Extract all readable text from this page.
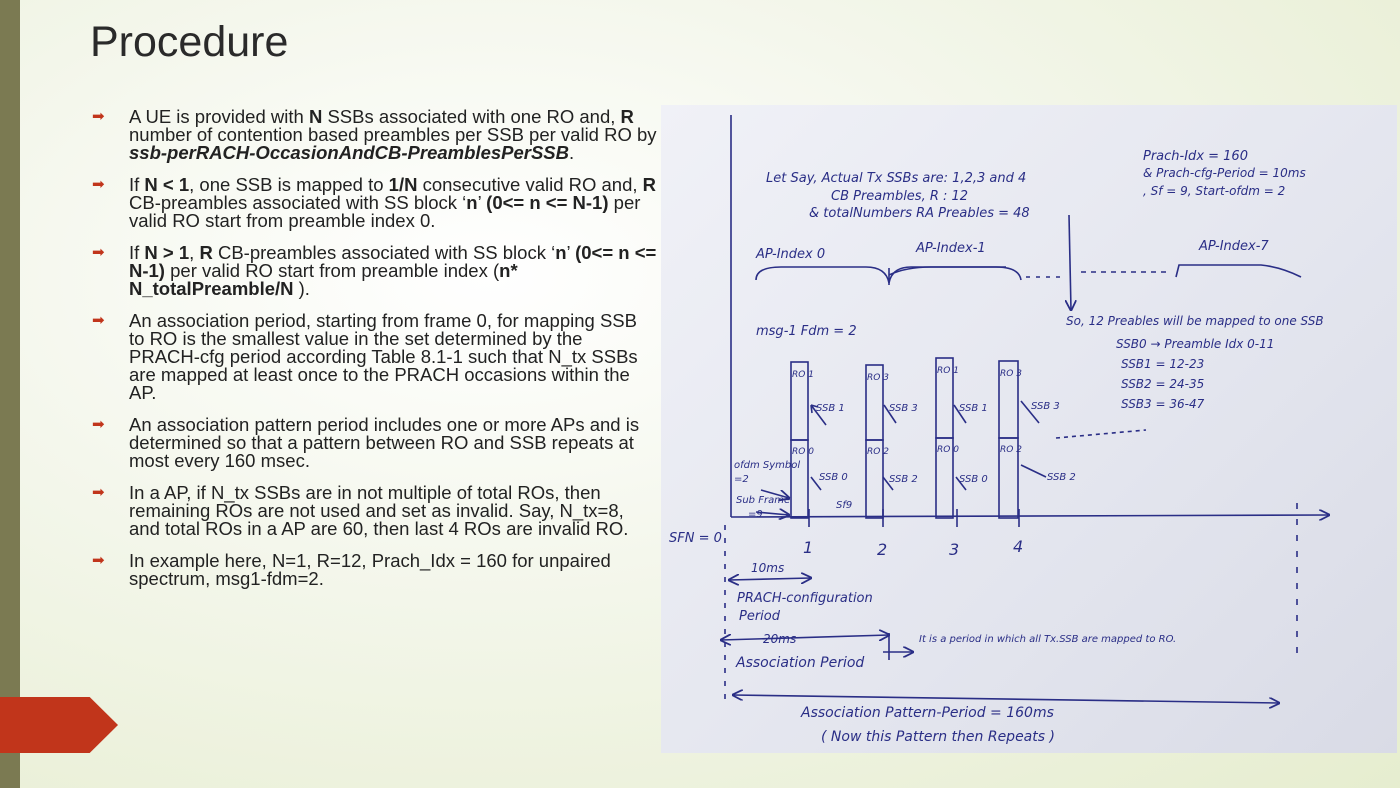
Procedure
➡ A UE is provided with N SSBs associated with one RO and, R number of contention based preambles per SSB per valid RO by ssb-perRACH-OccasionAndCB-PreamblesPerSSB.
➡ If N < 1, one SSB is mapped to 1/N consecutive valid RO and, R CB-preambles associated with SS block ‘n’ (0<= n <= N-1) per valid RO start from preamble index 0.
➡ If N > 1, R CB-preambles associated with SS block ‘n’ (0<= n <= N-1) per valid RO start from preamble index (n* N_totalPreamble/N ).
➡ An association period, starting from frame 0, for mapping SSB to RO is the smallest value in the set determined by the PRACH-cfg period according Table 8.1-1 such that N_tx SSBs are mapped at least once to the PRACH occasions within the AP.
➡ An association pattern period includes one or more APs and is determined so that a pattern between RO and SSB repeats at most every 160 msec.
➡ In a AP, if N_tx SSBs are in not multiple of total ROs, then remaining ROs are not used and set as invalid. Say, N_tx=8, and total ROs in a AP are 60, then last 4 ROs are invalid RO.
➡ In example here, N=1, R=12, Prach_Idx = 160 for unpaired spectrum, msg1-fdm=2.
Let Say, Actual Tx SSBs are: 1,2,3 and 4
CB Preambles, R : 12
& totalNumbers RA Preables = 48
Prach-Idx = 160
& Prach-cfg-Period = 10ms
, Sf = 9, Start-ofdm = 2
AP-Index 0	AP-Index-1	AP-Index-7
msg-1 Fdm = 2
So, 12 Preables will be mapped to one SSB
SSB0 → Preamble Idx 0-11
SSB1 = 12-23
SSB2 = 24-35
SSB3 = 36-47
RO 1	RO 3
RO 1	RO 3
SSB 1	SSB 3	SSB 1	SSB 3
RO 0	RO 2	RO 0	RO 2
SSB 0	SSB 2	SSB 0	SSB 2
ofdm Symbol
=2
Sub Frame
=9
Sf9
SFN = 0	1	2	3	4
10ms
PRACH-configuration
Period
20ms
Association Period
It is a period in which all Tx.SSB are mapped to RO.
Association Pattern-Period = 160ms
( Now this Pattern then Repeats )
